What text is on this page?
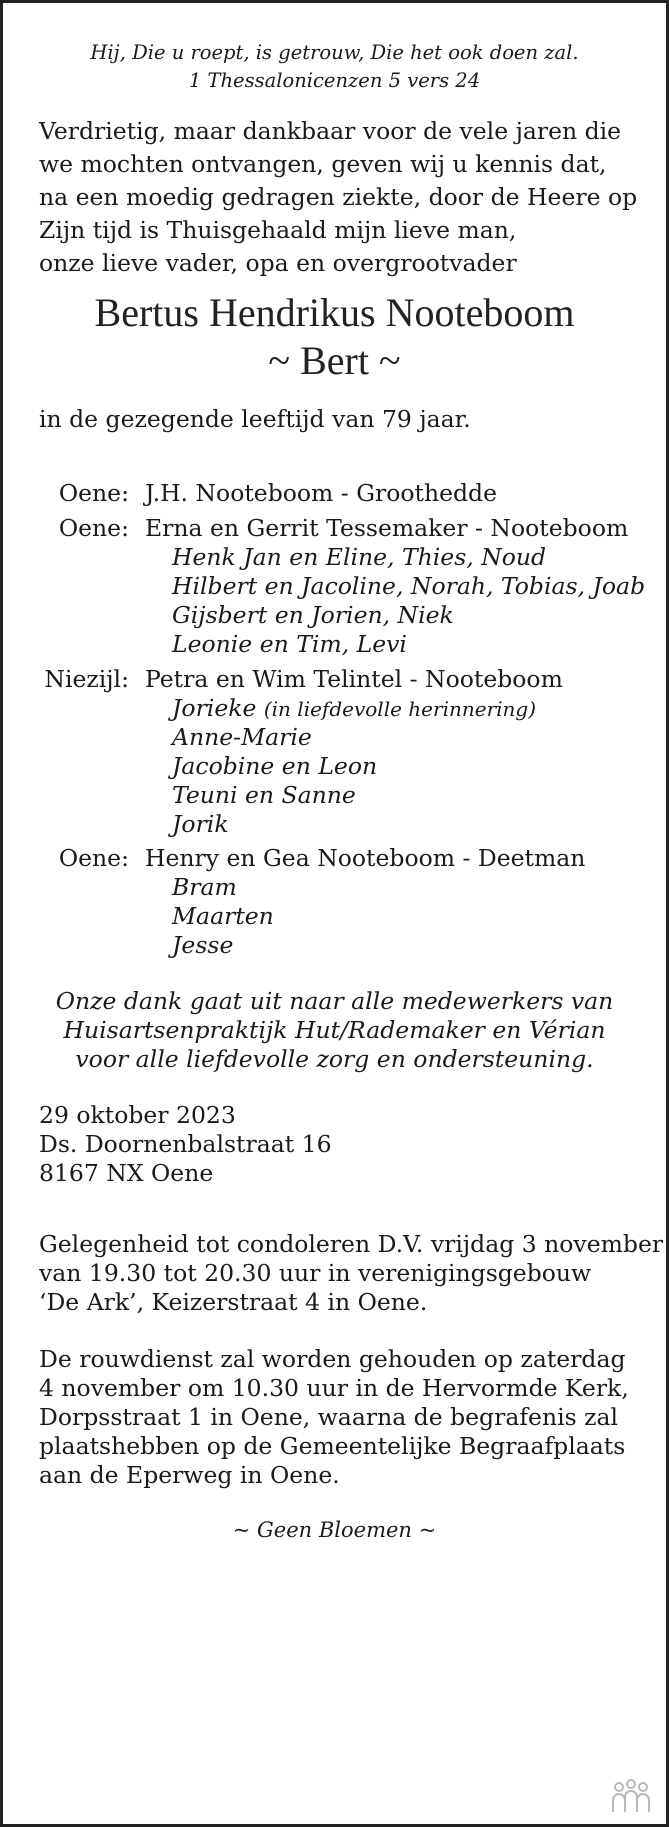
Hij, Die u roept, is getrouw, Die het ook doen zal.
1 Thessalonicenzen 5 vers 24
Verdrietig, maar dankbaar voor de vele jaren die
we mochten ontvangen, geven wij u kennis dat,
na een moedig gedragen ziekte, door de Heere op
Zijn tijd is Thuisgehaald mijn lieve man,
onze lieve vader, opa en overgrootvader
Bertus Hendrikus Nooteboom
~ Bert ~
in de gezegende leeftijd van 79 jaar.
Oene: J.H. Nooteboom - Groothedde
Oene: Erna en Gerrit Tessemaker - Nooteboom
Henk Jan en Eline, Thies, Noud
Hilbert en Jacoline, Norah, Tobias, Joab
Gijsbert en Jorien, Niek
Leonie en Tim, Levi
Niezijl: Petra en Wim Telintel - Nooteboom
Jorieke (in liefdevolle herinnering)
Anne-Marie
Jacobine en Leon
Teuni en Sanne
Jorik
Oene: Henry en Gea Nooteboom - Deetman
Bram
Maarten
Jesse
Onze dank gaat uit naar alle medewerkers van
Huisartsenpraktijk Hut/Rademaker en Vérian
voor alle liefdevolle zorg en ondersteuning.
29 oktober 2023
Ds. Doornenbalstraat 16
8167 NX Oene
Gelegenheid tot condoleren D.V. vrijdag 3 november
van 19.30 tot 20.30 uur in verenigingsgebouw
‘De Ark’, Keizerstraat 4 in Oene.
De rouwdienst zal worden gehouden op zaterdag
4 november om 10.30 uur in de Hervormde Kerk,
Dorpsstraat 1 in Oene, waarna de begrafenis zal
plaatshebben op de Gemeentelijke Begraafplaats
aan de Eperweg in Oene.
~ Geen Bloemen ~
